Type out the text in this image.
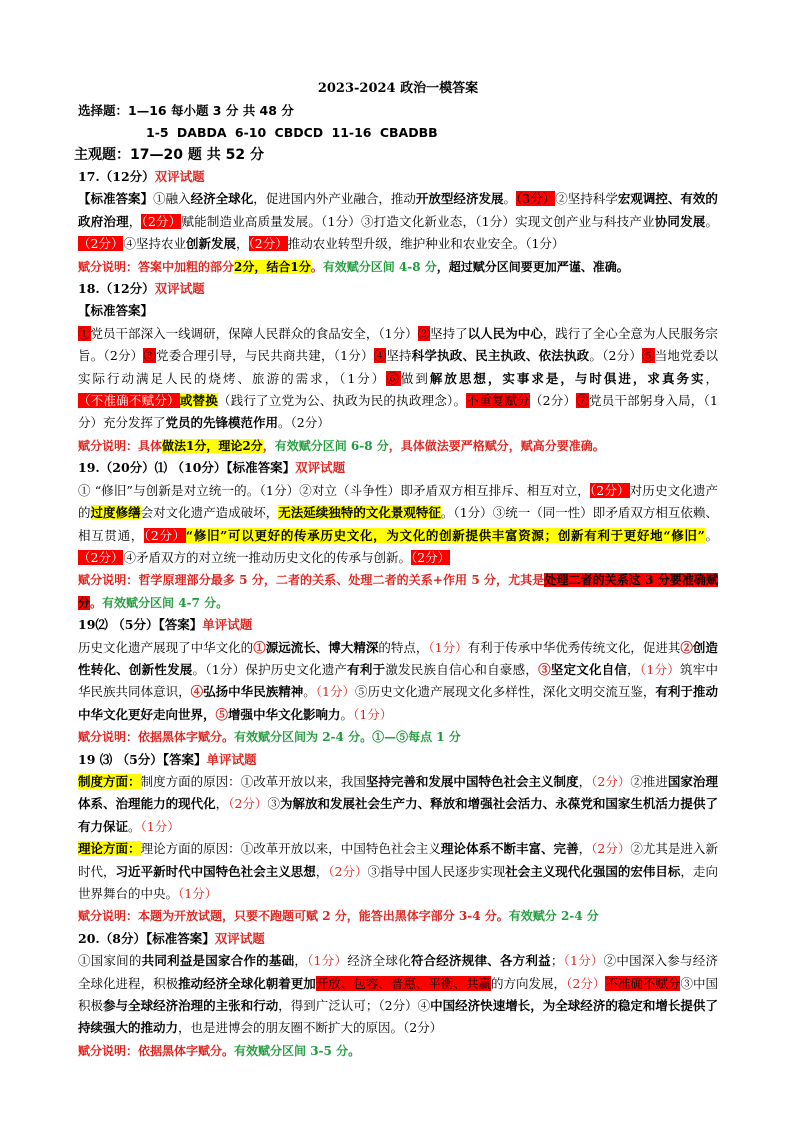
2023-2024 政治一模答案
选择题：1—16 每小题 3 分 共 48 分
1-5 DABDA 6-10 CBDCD 11-16 CBADBB
主观题：17—20 题 共 52 分

17.（12分）双评试题

【标准答案】①融入经济全球化，促进国内外产业融合，推动开放型经济发展。（3分）②坚持科学宏观调控、有效的政府治理，（2分）赋能制造业高质量发展。（1分）③打造文化新业态，（1分）实现文创产业与科技产业协同发展。（2分）④坚持农业创新发展，（2分）推动农业转型升级，维护种业和农业安全。（1分）

赋分说明：答案中加粗的部分2分，结合1分。有效赋分区间 4-8 分，超过赋分区间要更加严谨、准确。

18.（12分）双评试题

【标准答案】

①党员干部深入一线调研，保障人民群众的食品安全，（1分）②坚持了以人民为中心，践行了全心全意为人民服务宗旨。（2分）③党委合理引导，与民共商共建，（1分）④坚持科学执政、民主执政、依法执政。（2分）⑤当地党委以实际行动满足人民的烧烤、旅游的需求，（1分）⑥做到解放思想，实事求是，与时俱进，求真务实，（不准确不赋分）或替换（践行了立党为公、执政为民的执政理念）。不重复赋分（2分）⑦党员干部躬身入局，（1分）充分发挥了党员的先锋模范作用。（2分）

赋分说明：具体做法1分，理论2分，有效赋分区间 6-8 分，具体做法要严格赋分，赋高分要准确。

19.（20分）⑴ （10分）【标准答案】双评试题

① “修旧”与创新是对立统一的。（1分）②对立（斗争性）即矛盾双方相互排斥、相互对立，（2分）对历史文化遗产的过度修缮会对文化遗产造成破坏，无法延续独特的文化景观特征。（1分）③统一（同一性）即矛盾双方相互依赖、相互贯通，（2分）“修旧”可以更好的传承历史文化，为文化的创新提供丰富资源；创新有利于更好地“修旧”。（2分）④矛盾双方的对立统一推动历史文化的传承与创新。（2分）

赋分说明：哲学原理部分最多 5 分，二者的关系、处理二者的关系+作用 5 分，尤其是处理二者的关系这 3 分要准确赋分。有效赋分区间 4-7 分。

19⑵ （5分）【答案】单评试题

历史文化遗产展现了中华文化的①源远流长、博大精深的特点，（1分）有利于传承中华优秀传统文化，促进其②创造性转化、创新性发展。（1分）保护历史文化遗产有利于激发民族自信心和自豪感，③坚定文化自信，（1分）筑牢中华民族共同体意识，④弘扬中华民族精神。（1分）⑤历史文化遗产展现文化多样性，深化文明交流互鉴，有利于推动中华文化更好走向世界，⑤增强中华文化影响力。（1分）

赋分说明：依据黑体字赋分。有效赋分区间为 2-4 分。①—⑤每点 1 分

19 ⑶ （5分）【答案】单评试题

制度方面：制度方面的原因：①改革开放以来，我国坚持完善和发展中国特色社会主义制度，（2分）②推进国家治理体系、治理能力的现代化，（2分）③为解放和发展社会生产力、释放和增强社会活力、永葆党和国家生机活力提供了有力保证。（1分）

理论方面：理论方面的原因：①改革开放以来，中国特色社会主义理论体系不断丰富、完善，（2分）②尤其是进入新时代，习近平新时代中国特色社会主义思想，（2分）③指导中国人民逐步实现社会主义现代化强国的宏伟目标，走向世界舞台的中央。（1分）

赋分说明：本题为开放试题，只要不跑题可赋 2 分，能答出黑体字部分 3-4 分。有效赋分 2-4 分

20.（8分）【标准答案】双评试题

①国家间的共同利益是国家合作的基础，（1分）经济全球化符合经济规律、各方利益；（1分）②中国深入参与经济全球化进程，积极推动经济全球化朝着更加开放、包容、普惠、平衡、共赢的方向发展，（2分）不准确不赋分③中国积极参与全球经济治理的主张和行动，得到广泛认可；（2分）④中国经济快速增长，为全球经济的稳定和增长提供了持续强大的推动力，也是进博会的朋友圈不断扩大的原因。（2分）

赋分说明：依据黑体字赋分。有效赋分区间 3-5 分。
